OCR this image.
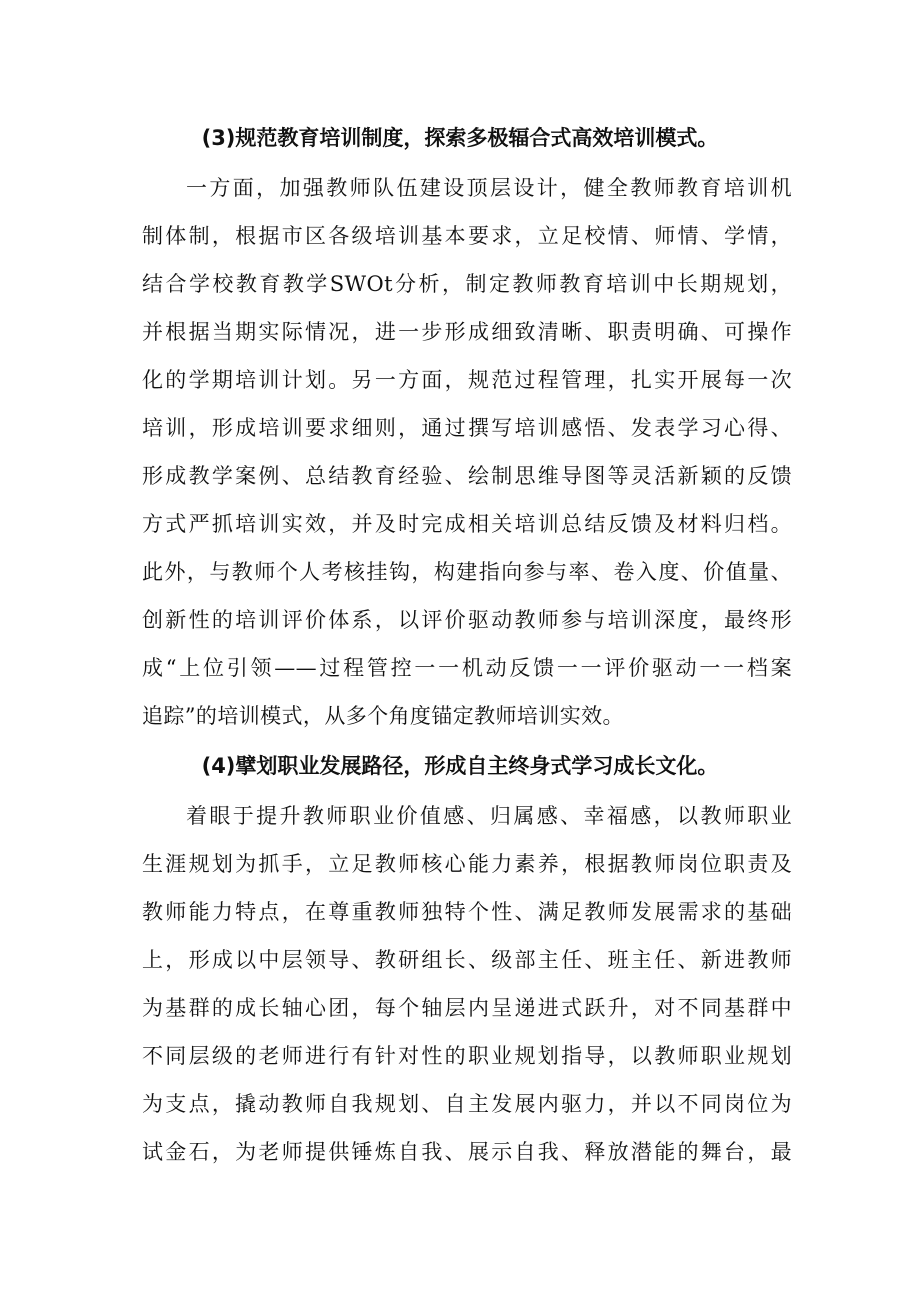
(3)规范教育培训制度，探索多极辐合式高效培训模式。
一方面，加强教师队伍建设顶层设计，健全教师教育培训机
制体制，根据市区各级培训基本要求，立足校情、师情、学情，
结合学校教育教学SWOt分析，制定教师教育培训中长期规划，
并根据当期实际情况，进一步形成细致清晰、职责明确、可操作
化的学期培训计划。另一方面，规范过程管理，扎实开展每一次
培训，形成培训要求细则，通过撰写培训感悟、发表学习心得、
形成教学案例、总结教育经验、绘制思维导图等灵活新颖的反馈
方式严抓培训实效，并及时完成相关培训总结反馈及材料归档。
此外，与教师个人考核挂钩，构建指向参与率、卷入度、价值量、
创新性的培训评价体系，以评价驱动教师参与培训深度，最终形
成“上位引领——过程管控一一机动反馈一一评价驱动一一档案
追踪”的培训模式，从多个角度锚定教师培训实效。
(4)擘划职业发展路径，形成自主终身式学习成长文化。
着眼于提升教师职业价值感、归属感、幸福感，以教师职业
生涯规划为抓手，立足教师核心能力素养，根据教师岗位职责及
教师能力特点，在尊重教师独特个性、满足教师发展需求的基础
上，形成以中层领导、教研组长、级部主任、班主任、新进教师
为基群的成长轴心团，每个轴层内呈递进式跃升，对不同基群中
不同层级的老师进行有针对性的职业规划指导，以教师职业规划
为支点，撬动教师自我规划、自主发展内驱力，并以不同岗位为
试金石，为老师提供锤炼自我、展示自我、释放潜能的舞台，最
